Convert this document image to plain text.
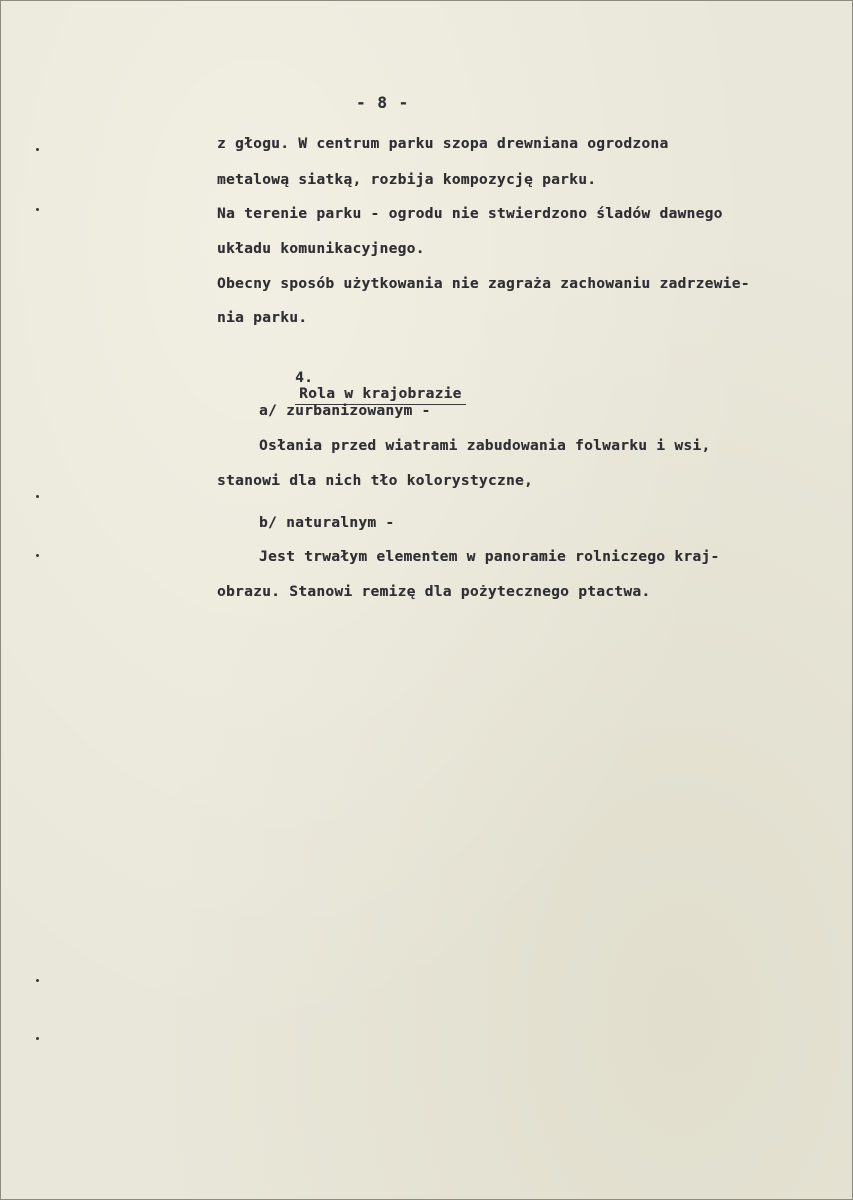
- 8 -
z głogu. W centrum parku szopa drewniana ogrodzona
metalową siatką, rozbija kompozycję parku.
Na terenie parku - ogrodu nie stwierdzono śladów dawnego
układu komunikacyjnego.
Obecny sposób użytkowania nie zagraża zachowaniu zadrzewie-
nia parku.

4.
Rola w krajobrazie

a/ zurbanizowanym -
Osłania przed wiatrami zabudowania folwarku i wsi,
stanowi dla nich tło kolorystyczne,
b/ naturalnym -
Jest trwałym elementem w panoramie rolniczego kraj-
obrazu. Stanowi remizę dla pożytecznego ptactwa.
